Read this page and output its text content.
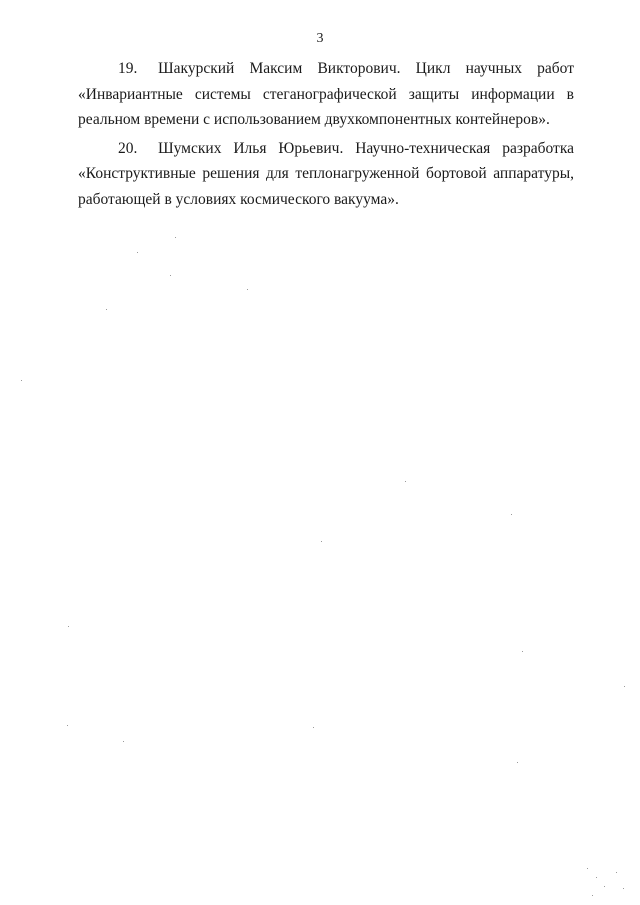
3

19. Шакурский Максим Викторович. Цикл научных работ «Инвариантные системы стеганографической защиты информации в реальном времени с использованием двухкомпонентных контейнеров».

20. Шумских Илья Юрьевич. Научно-техническая разработка «Конструктивные решения для теплонагруженной бортовой аппаратуры, работающей в условиях космического вакуума».
